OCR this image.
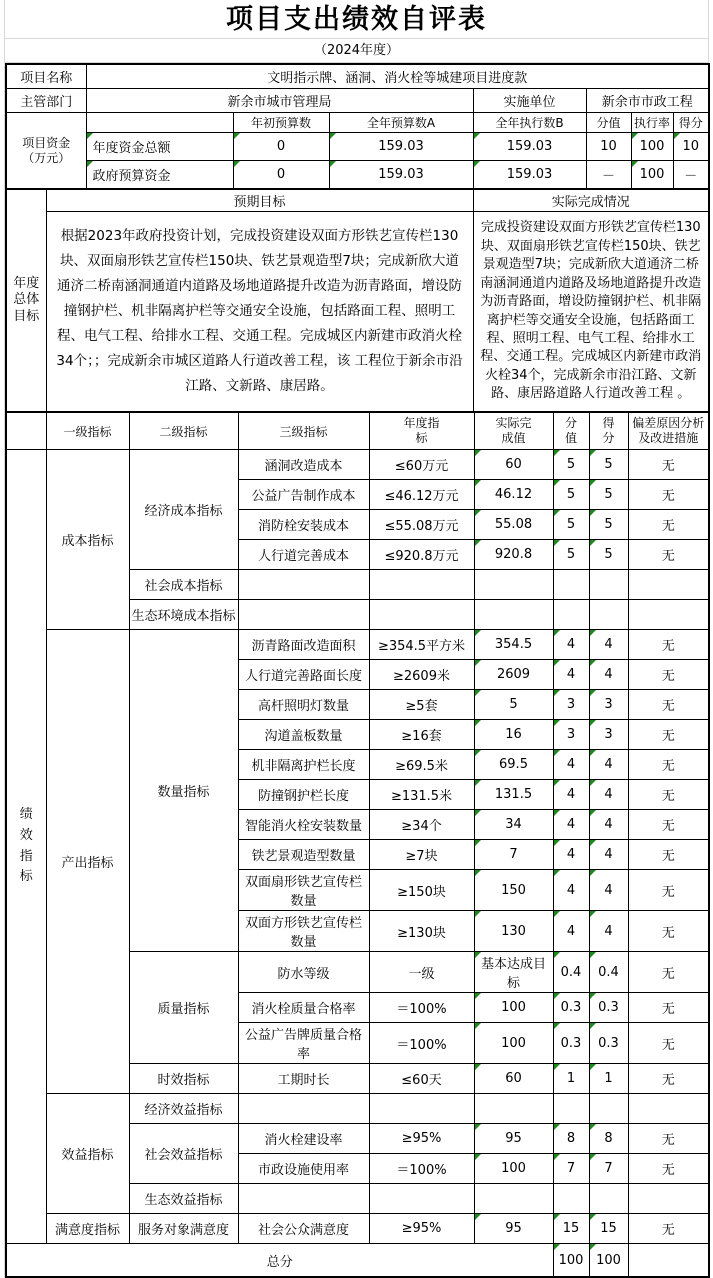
项目支出绩效自评表
（2024年度）
项目名称	文明指示牌、涵洞、消火栓等城建项目进度款						
主管部门	新余市城市管理局			实施单位	新余市市政工程		

项目资金（万元）		年初预算数	全年预算数A	全年执行数B	分值	执行率	得分
	年度资金总额	0	159.03	159.03	10	100	10
	政府预算资金	0	159.03	159.03	－	100	－
年度总体目标	预期目标	实际完成情况

	根据2023年政府投资计划，完成投资建设双面方形铁艺宣传栏130块、双面扇形铁艺宣传栏150块、铁艺景观造型7块；完成新欣大道通济二桥南涵洞通道内道路及场地道路提升改造为沥青路面，增设防撞钢护栏、机非隔离护栏等交通安全设施，包括路面工程、照明工程、电气工程、给排水工程、交通工程。完成城区内新建市政消火栓34个；；完成新余市城区道路人行道改善工程，该 工程位于新余市沿江路、文新路、康居路。	完成投资建设双面方形铁艺宣传栏130块、双面扇形铁艺宣传栏150块、铁艺景观造型7块；完成新欣大道通济二桥南涵洞通道内道路及场地道路提升改造为沥青路面，增设防撞钢护栏、机非隔离护栏等交通安全设施，包括路面工程、照明工程、电气工程、给排水工程、交通工程。完成城区内新建市政消火栓34个，完成新余市沿江路、文新路、康居路道路人行道改善工程 。
	一级指标	二级指标	三级指标	年度指标	实际完成值	分值	得分	偏差原因分析及改进措施

绩效指标	成本指标	经济成本指标	涵洞改造成本	≤60万元	60	5	5	无
			公益广告制作成本	≤46.12万元	46.12	5	5	无
			消防栓安装成本	≤55.08万元	55.08	5	5	无
			人行道完善成本	≤920.8万元	920.8	5	5	无
		社会成本指标						
		生态环境成本指标						
	产出指标	数量指标	沥青路面改造面积	≥354.5平方米	354.5	4	4	无
			人行道完善路面长度	≥2609米	2609	4	4	无
			高杆照明灯数量	≥5套	5	3	3	无
			沟道盖板数量	≥16套	16	3	3	无
			机非隔离护栏长度	≥69.5米	69.5	4	4	无
			防撞钢护栏长度	≥131.5米	131.5	4	4	无
			智能消火栓安装数量	≥34个	34	4	4	无
			铁艺景观造型数量	≥7块	7	4	4	无
			双面扇形铁艺宣传栏数量	≥150块	150	4	4	无
			双面方形铁艺宣传栏数量	≥130块	130	4	4	无
		质量指标	防水等级	一级	基本达成目标	0.4	0.4	无
			消火栓质量合格率	＝100%	100	0.3	0.3	无
			公益广告牌质量合格率	＝100%	100	0.3	0.3	无
		时效指标	工期时长	≤60天	60	1	1	无
	效益指标	经济效益指标						
		社会效益指标	消火栓建设率	≥95%	95	8	8	无
			市政设施使用率	＝100%	100	7	7	无
		生态效益指标						
	满意度指标	服务对象满意度	社会公众满意度	≥95%	95	15	15	无
总分						100	100	
